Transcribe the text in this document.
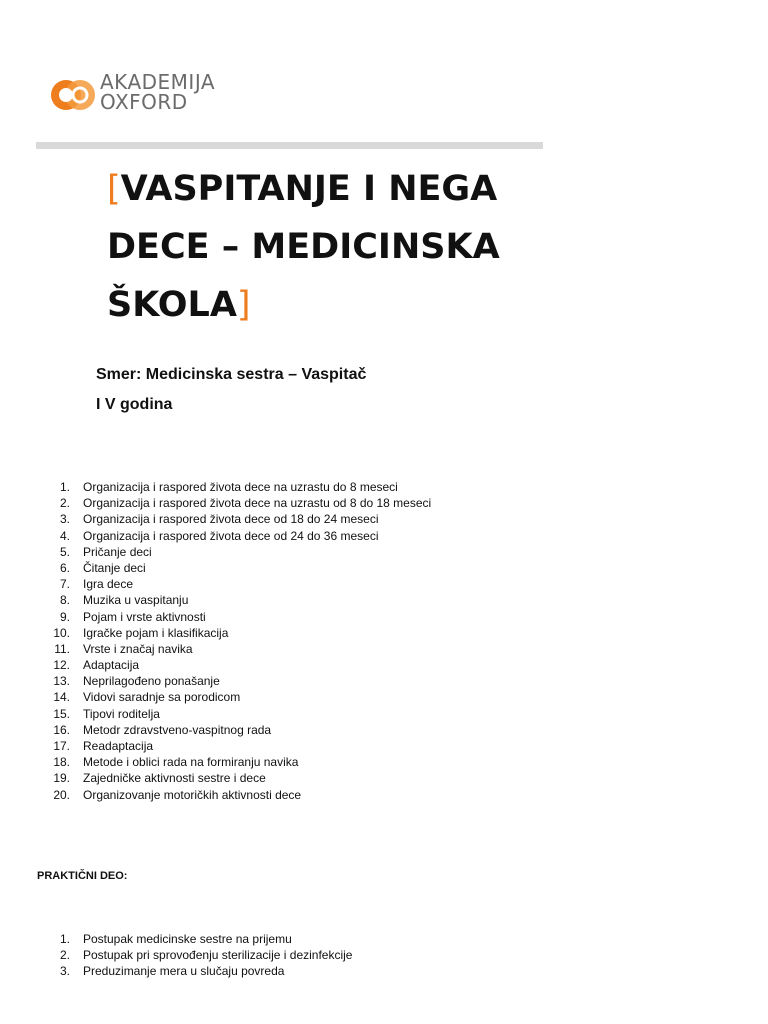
AKADEMIJA
OXFORD
[VASPITANJE I NEGA DECE – MEDICINSKA ŠKOLA]
Smer: Medicinska sestra – Vaspitač
I V godina
1. Organizacija i raspored života dece na uzrastu do 8 meseci
2. Organizacija i raspored života dece na uzrastu od 8 do 18 meseci
3. Organizacija i raspored života dece od 18 do 24 meseci
4. Organizacija i raspored života dece od 24 do 36 meseci
5. Pričanje deci
6. Čitanje deci
7. Igra dece
8. Muzika u vaspitanju
9. Pojam i vrste aktivnosti
10. Igračke pojam i klasifikacija
11. Vrste i značaj navika
12. Adaptacija
13. Neprilagođeno ponašanje
14. Vidovi saradnje sa porodicom
15. Tipovi roditelja
16. Metodr zdravstveno-vaspitnog rada
17. Readaptacija
18. Metode i oblici rada na formiranju navika
19. Zajedničke aktivnosti sestre i dece
20. Organizovanje motoričkih aktivnosti dece
PRAKTIČNI DEO:
1. Postupak medicinske sestre na prijemu
2. Postupak pri sprovođenju sterilizacije i dezinfekcije
3. Preduzimanje mera u slučaju povreda
